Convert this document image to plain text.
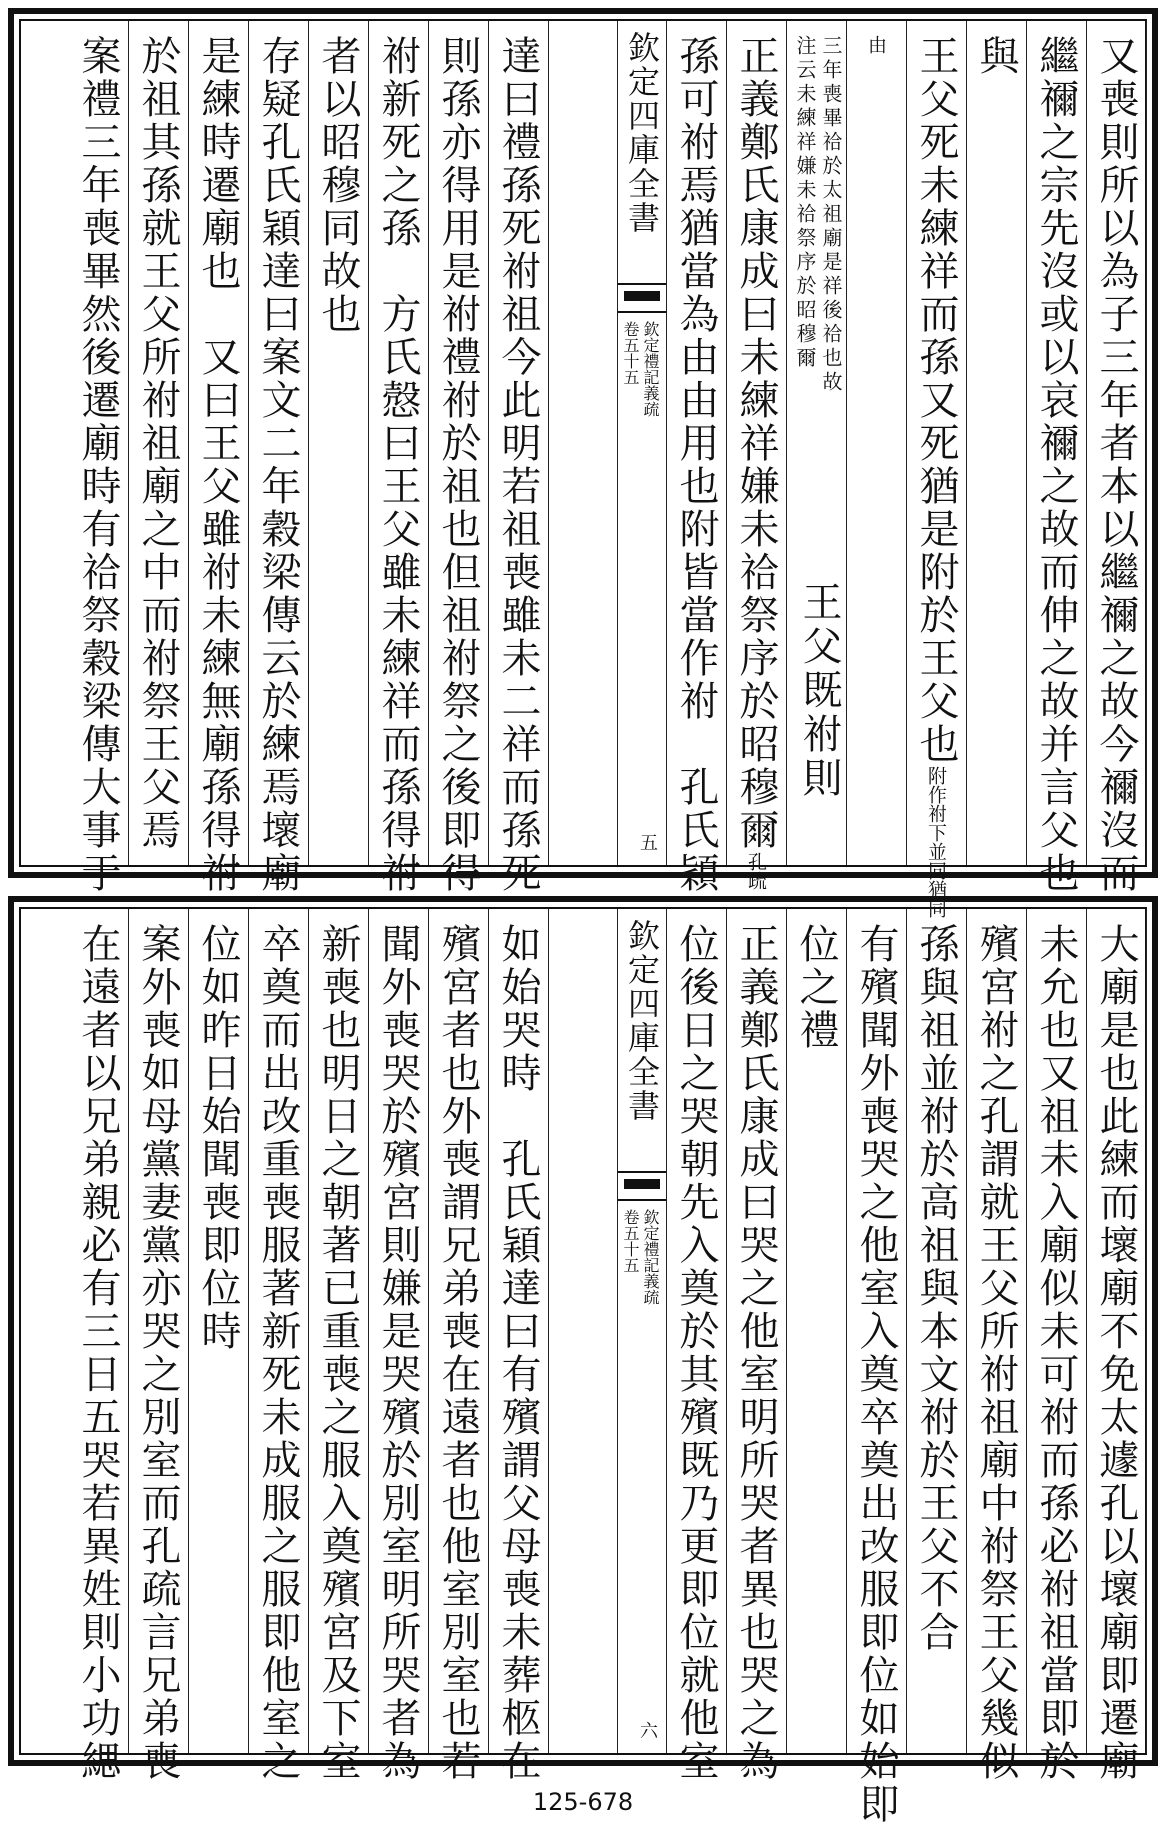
又喪則所以為子三年者本以繼禰之故今禰沒而
繼禰之宗先沒或以哀禰之故而伸之故并言父也
與
王父死未練祥而孫又死猶是附於王父也附作祔下並同猶同
由
三年喪畢祫於太祖廟是祥後祫也故
注云未練祥嫌未祫祭序於昭穆爾
王父既祔則
正義鄭氏康成曰未練祥嫌未祫祭序於昭穆爾孔疏
孫可祔焉猶當為由由用也附皆當作祔　孔氏穎
達曰禮孫死祔祖今此明若祖喪雖未二祥而孫死
則孫亦得用是祔禮祔於祖也但祖祔祭之後即得
祔新死之孫　方氏慤曰王父雖未練祥而孫得祔
者以昭穆同故也
存疑孔氏穎達曰案文二年穀梁傳云於練焉壞廟
是練時遷廟也　又曰王父雖祔未練無廟孫得祔
於祖其孫就王父所祔祖廟之中而祔祭王父焉
案禮三年喪畢然後遷廟時有祫祭穀梁傳大事于	欽定四庫全書
欽定禮記義疏
卷五十五
五
大廟是也此練而壞廟不免太遽孔以壞廟即遷廟
未允也又祖未入廟似未可祔而孫必祔祖當即於
殯宮祔之孔謂就王父所祔祖廟中祔祭王父幾似
孫與祖並祔於高祖與本文祔於王父不合
有殯聞外喪哭之他室入奠卒奠出改服即位如始即
位之禮
正義鄭氏康成曰哭之他室明所哭者異也哭之為
位後日之哭朝先入奠於其殯既乃更即位就他室
如始哭時　孔氏穎達曰有殯謂父母喪未葬柩在
殯宮者也外喪謂兄弟喪在遠者也他室別室也若
聞外喪哭於殯宮則嫌是哭殯於別室明所哭者為
新喪也明日之朝著已重喪之服入奠殯宮及下室
卒奠而出改重喪服著新死未成服之服即他室之
位如昨日始聞喪即位時
案外喪如母黨妻黨亦哭之別室而孔疏言兄弟喪
在遠者以兄弟親必有三日五哭若異姓則小功緦	欽定四庫全書
欽定禮記義疏
卷五十五
六
125-678
